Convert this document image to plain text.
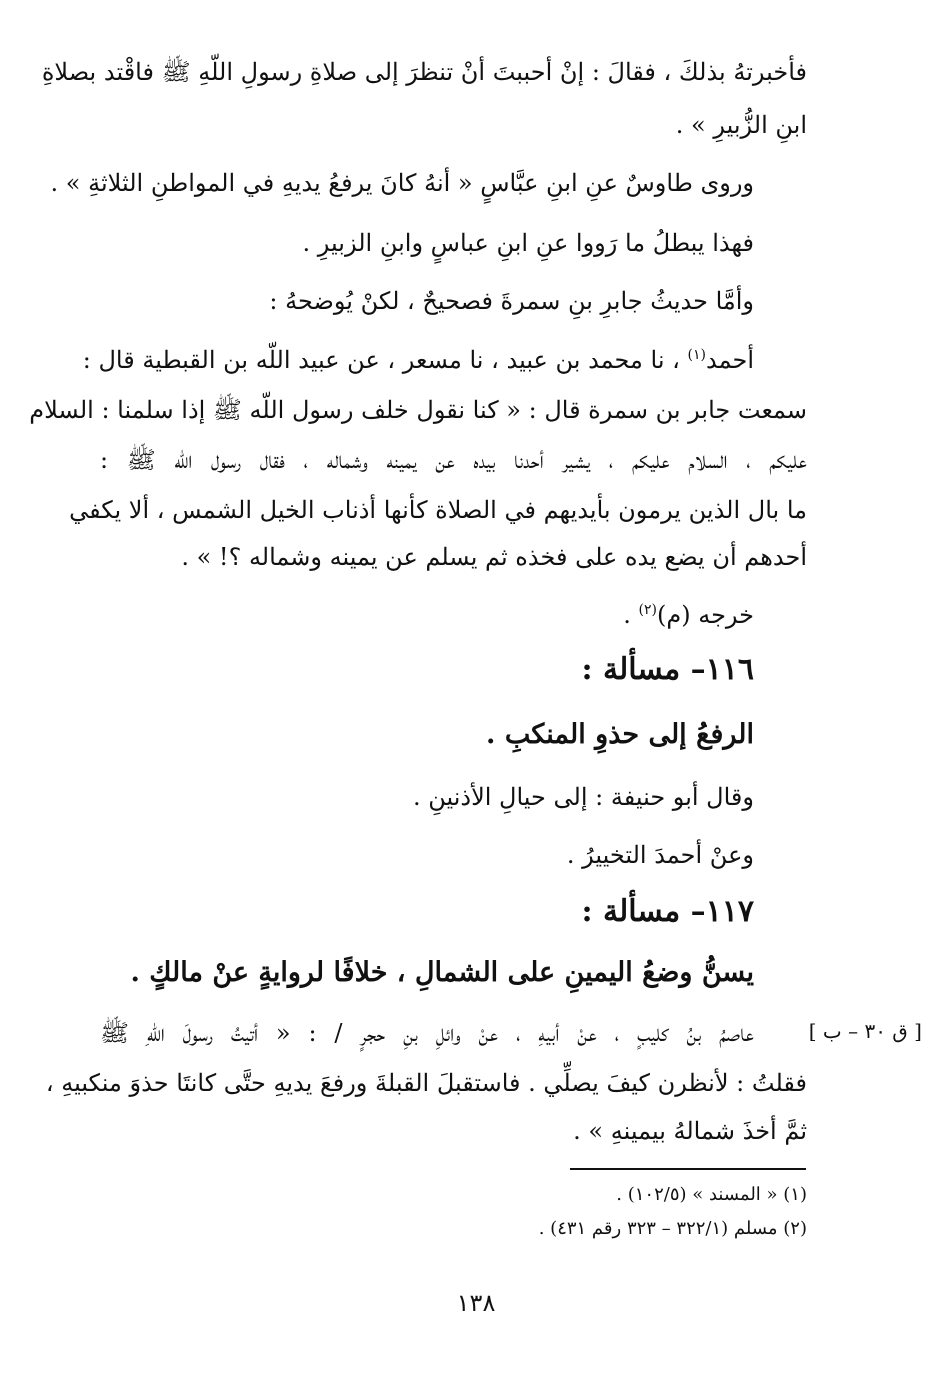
فأخبرتهُ بذلكَ ، فقالَ : إنْ أحببتَ أنْ تنظرَ إلى صلاةِ رسولِ اللّهِ ﷺ فاقْتد بصلاةِ
ابنِ الزُّبيرِ » .
وروى طاوسٌ عنِ ابنِ عبَّاسٍ « أنهُ كانَ يرفعُ يديهِ في المواطنِ الثلاثةِ » .
فهذا يبطلُ ما رَووا عنِ ابنِ عباسٍ وابنِ الزبيرِ .
وأمَّا حديثُ جابرِ بنِ سمرةَ فصحيحٌ ، لكنْ يُوضحهُ :
أحمد$^{(١)}$ ، نا محمد بن عبيد ، نا مسعر ، عن عبيد اللّه بن القبطية قال :
سمعت جابر بن سمرة قال : « كنا نقول خلف رسول اللّه ﷺ إذا سلمنا : السلام
عليكم ، السلام عليكم ، يشير أحدنا بيده عن يمينه وشماله ، فقال رسول اللّه ﷺ :
ما بال الذين يرمون بأيديهم في الصلاة كأنها أذناب الخيل الشمس ، ألا يكفي
أحدهم أن يضع يده على فخذه ثم يسلم عن يمينه وشماله ؟! » .
خرجه (م)$^{(٢)}$ .
١١٦– مسألة :
الرفعُ إلى حذوِ المنكبِ .
وقال أبو حنيفة : إلى حيالِ الأذنينِ .
وعنْ أحمدَ التخييرُ .
١١٧– مسألة :
يسنُّ وضعُ اليمينِ على الشمالِ ، خلافًا لروايةٍ عنْ مالكٍ .
[ ق ٣٠ – ب ]
عاصمُ بنُ كليبٍ ، عنْ أبيهِ ، عنْ وائلِ بنِ حجرٍ / : « أتيتُ رسولَ اللّهِ ﷺ
فقلتُ : لأنظرن كيفَ يصلِّي . فاستقبلَ القبلةَ ورفعَ يديهِ حتَّى كانتَا حذوَ منكبيهِ ،
ثمَّ أخذَ شمالهُ بيمينهِ » .
(١) « المسند » (١٠٢/٥) .
(٢) مسلم (٣٢٢/١ – ٣٢٣ رقم ٤٣١) .
١٣٨
